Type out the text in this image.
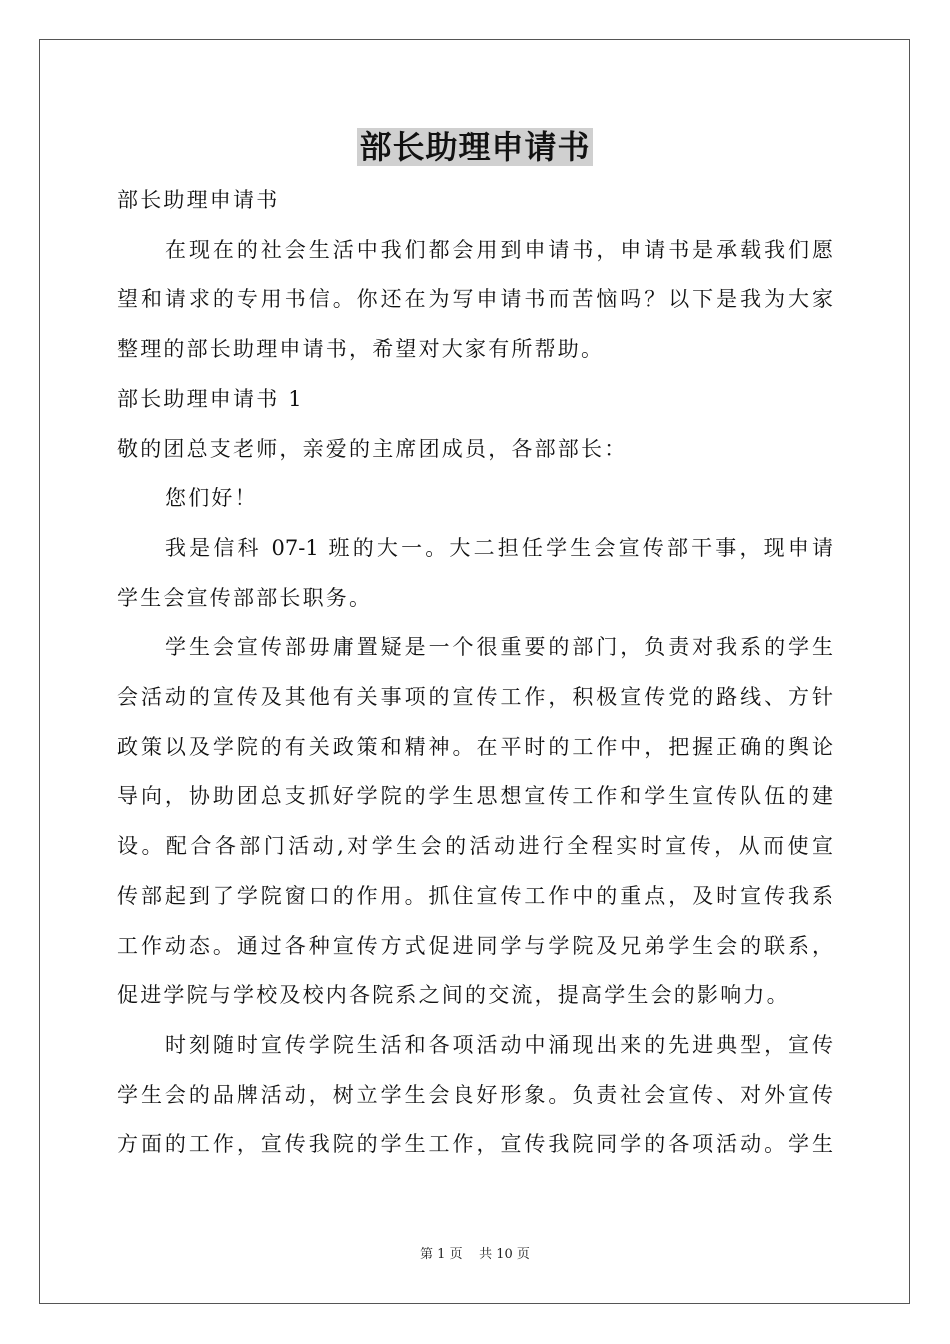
部长助理申请书
部长助理申请书
在现在的社会生活中我们都会用到申请书，申请书是承载我们愿
望和请求的专用书信。你还在为写申请书而苦恼吗？以下是我为大家
整理的部长助理申请书，希望对大家有所帮助。
部长助理申请书 1
敬的团总支老师，亲爱的主席团成员，各部部长：
您们好！
我是信科 07-1 班的大一。大二担任学生会宣传部干事，现申请
学生会宣传部部长职务。
学生会宣传部毋庸置疑是一个很重要的部门，负责对我系的学生
会活动的宣传及其他有关事项的宣传工作，积极宣传党的路线、方针
政策以及学院的有关政策和精神。在平时的工作中，把握正确的舆论
导向，协助团总支抓好学院的学生思想宣传工作和学生宣传队伍的建
设。配合各部门活动,对学生会的活动进行全程实时宣传，从而使宣
传部起到了学院窗口的作用。抓住宣传工作中的重点，及时宣传我系
工作动态。通过各种宣传方式促进同学与学院及兄弟学生会的联系，
促进学院与学校及校内各院系之间的交流，提高学生会的影响力。
时刻随时宣传学院生活和各项活动中涌现出来的先进典型，宣传
学生会的品牌活动，树立学生会良好形象。负责社会宣传、对外宣传
方面的工作，宣传我院的学生工作，宣传我院同学的各项活动。学生
第 1 页 共 10 页
